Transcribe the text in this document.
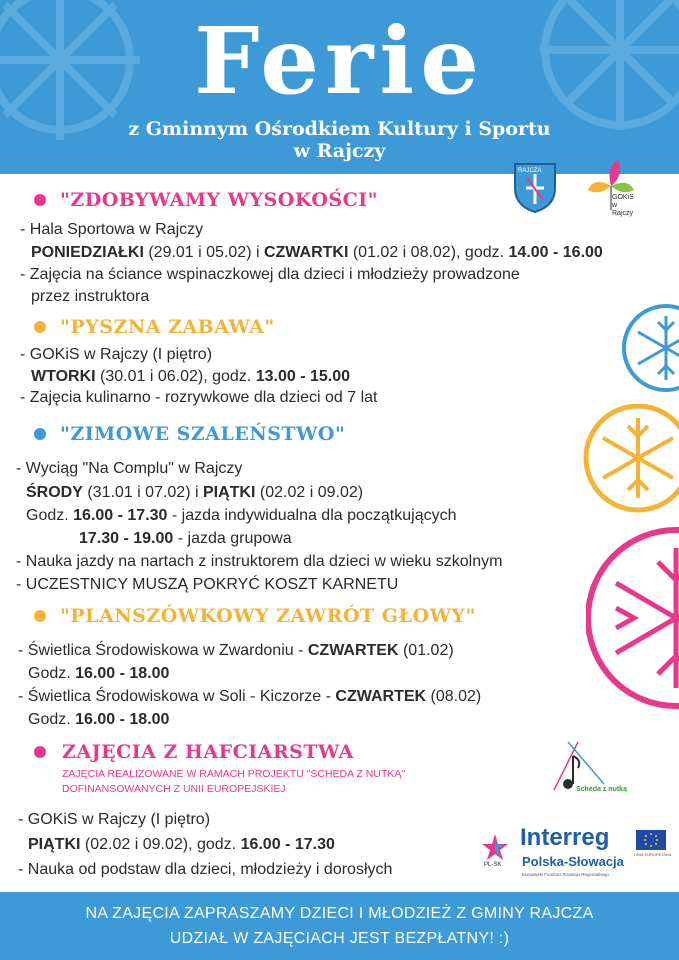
Ferie
z Gminnym Ośrodkiem Kultury i Sportu
w Rajczy
RAJCZA
GOKiS w Rajczy
"ZDOBYWAMY WYSOKOŚCI"
- Hala Sportowa w Rajczy
PONIEDZIAŁKI (29.01 i 05.02) i CZWARTKI (01.02 i 08.02), godz. 14.00 - 16.00
- Zajęcia na ściance wspinaczkowej dla dzieci i młodzieży prowadzone
przez instruktora
"PYSZNA ZABAWA"
- GOKiS w Rajczy (I piętro)
WTORKI (30.01 i 06.02), godz. 13.00 - 15.00
- Zajęcia kulinarno - rozrywkowe dla dzieci od 7 lat
"ZIMOWE SZALEŃSTWO"
- Wyciąg "Na Complu" w Rajczy
ŚRODY (31.01 i 07.02) i PIĄTKI (02.02 i 09.02)
Godz. 16.00 - 17.30 - jazda indywidualna dla początkujących
17.30 - 19.00 - jazda grupowa
- Nauka jazdy na nartach z instruktorem dla dzieci w wieku szkolnym
- UCZESTNICY MUSZĄ POKRYĆ KOSZT KARNETU
"PLANSZÓWKOWY ZAWRÓT GŁOWY"
- Świetlica Środowiskowa w Zwardoniu - CZWARTEK (01.02)
Godz. 16.00 - 18.00
- Świetlica Środowiskowa w Soli - Kiczorze - CZWARTEK (08.02)
Godz. 16.00 - 18.00
ZAJĘCIA Z HAFCIARSTWA
ZAJĘCIA REALIZOWANE W RAMACH PROJEKTU "SCHEDA Z NUTKĄ"
DOFINANSOWANYCH Z UNII EUROPEJSKIEJ
- GOKiS w Rajczy (I piętro)
PIĄTKI (02.02 i 09.02), godz. 16.00 - 17.30
- Nauka od podstaw dla dzieci, młodzieży i dorosłych
Scheda z nutką
PL-SK
Interreg
Polska-Słowacja
Europejski Fundusz Rozwoju Regionalnego
UNIA EUROPEJSKA
NA ZAJĘCIA ZAPRASZAMY DZIECI I MŁODZIEŻ Z GMINY RAJCZA
UDZIAŁ W ZAJĘCIACH JEST BEZPŁATNY! :)
